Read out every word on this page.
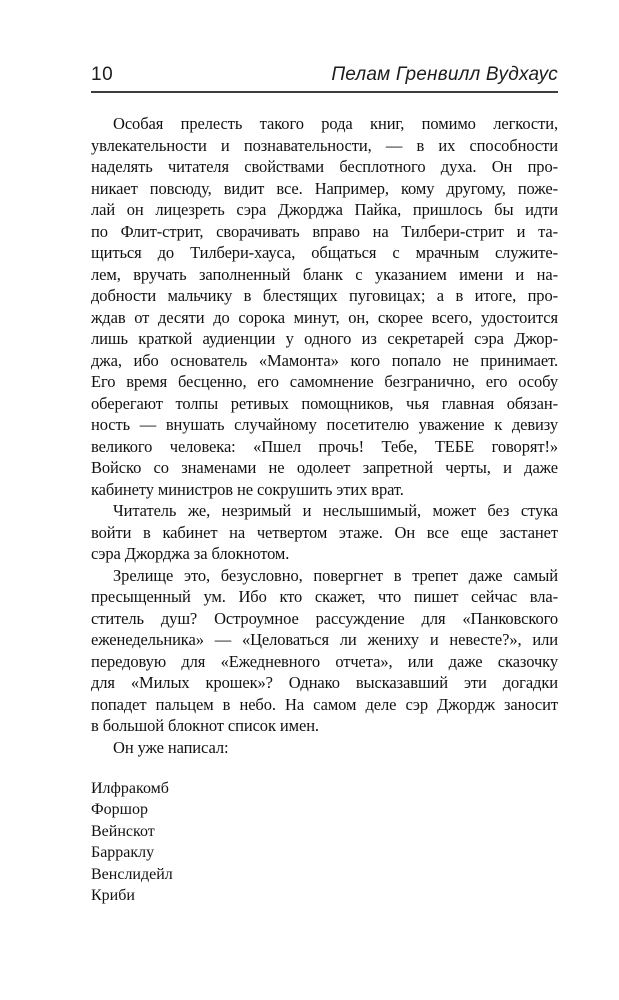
10	Пелам Гренвилл Вудхаус
Особая прелесть такого рода книг, помимо легкости,
увлекательности и познавательности, — в их способности
наделять читателя свойствами бесплотного духа. Он про-
никает повсюду, видит все. Например, кому другому, поже-
лай он лицезреть сэра Джорджа Пайка, пришлось бы идти
по Флит-стрит, сворачивать вправо на Тилбери-стрит и та-
щиться до Тилбери-хауса, общаться с мрачным служите-
лем, вручать заполненный бланк с указанием имени и на-
добности мальчику в блестящих пуговицах; а в итоге, про-
ждав от десяти до сорока минут, он, скорее всего, удостоится
лишь краткой аудиенции у одного из секретарей сэра Джор-
джа, ибо основатель «Мамонта» кого попало не принимает.
Его время бесценно, его самомнение безгранично, его особу
оберегают толпы ретивых помощников, чья главная обязан-
ность — внушать случайному посетителю уважение к девизу
великого человека: «Пшел прочь! Тебе, ТЕБЕ говорят!»
Войско со знаменами не одолеет запретной черты, и даже
кабинету министров не сокрушить этих врат.
Читатель же, незримый и неслышимый, может без стука
войти в кабинет на четвертом этаже. Он все еще застанет
сэра Джорджа за блокнотом.
Зрелище это, безусловно, повергнет в трепет даже самый
пресыщенный ум. Ибо кто скажет, что пишет сейчас вла-
ститель душ? Остроумное рассуждение для «Панковского
еженедельника» — «Целоваться ли жениху и невесте?», или
передовую для «Ежедневного отчета», или даже сказочку
для «Милых крошек»? Однако высказавший эти догадки
попадет пальцем в небо. На самом деле сэр Джордж заносит
в большой блокнот список имен.
Он уже написал:
Илфракомб
Форшор
Вейнскот
Барраклу
Венслидейл
Криби
